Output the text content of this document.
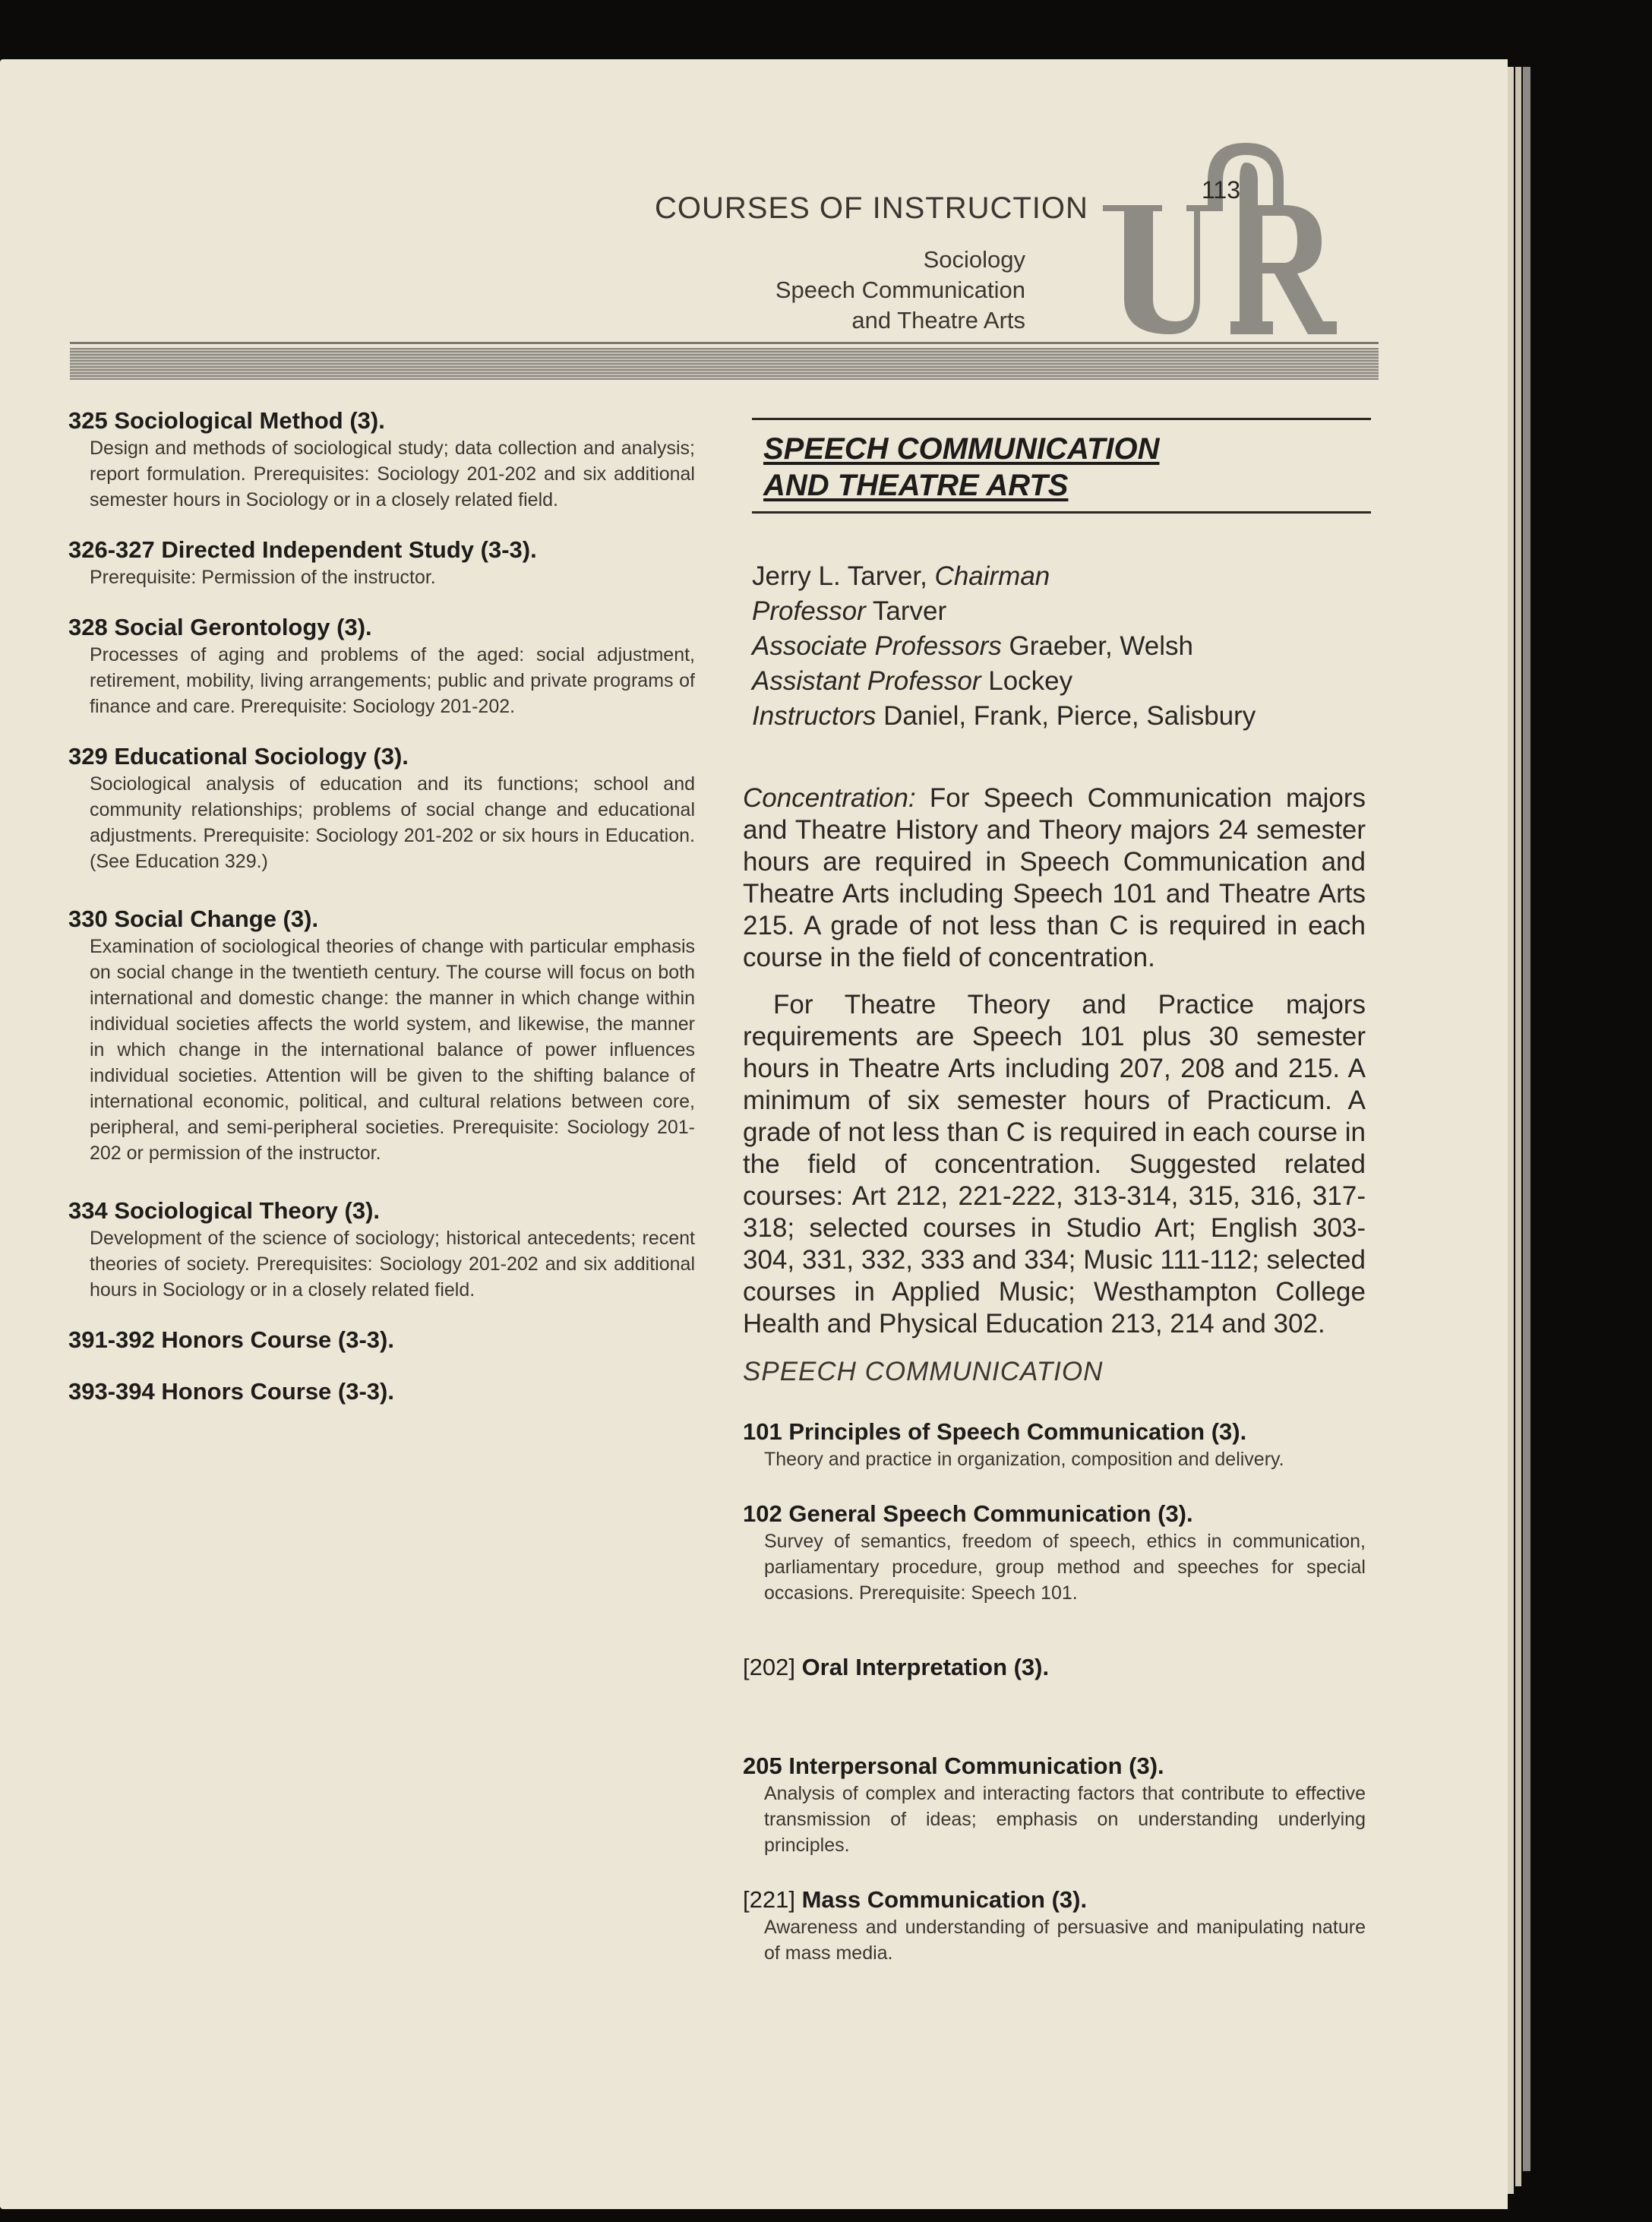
COURSES OF INSTRUCTION
Sociology
Speech Communication
and Theatre Arts
113

325 Sociological Method (3).

Design and methods of sociological study; data collection and analysis; report formulation. Prerequisites: Sociology 201-202 and six additional semester hours in Sociology or in a closely related field.

326-327 Directed Independent Study (3-3).

Prerequisite: Permission of the instructor.

328 Social Gerontology (3).

Processes of aging and problems of the aged: social adjustment, retirement, mobility, living arrangements; public and private programs of finance and care. Prerequisite: Sociology 201-202.

329 Educational Sociology (3).

Sociological analysis of education and its functions; school and community relationships; problems of social change and educational adjustments. Prerequisite: Sociology 201-202 or six hours in Education. (See Education 329.)

330 Social Change (3).

Examination of sociological theories of change with particular emphasis on social change in the twentieth century. The course will focus on both international and domestic change: the manner in which change within individual societies affects the world system, and likewise, the manner in which change in the international balance of power influences individual societies. Attention will be given to the shifting balance of international economic, political, and cultural relations between core, peripheral, and semi-peripheral societies. Prerequisite: Sociology 201-202 or permission of the instructor.

334 Sociological Theory (3).

Development of the science of sociology; historical antecedents; recent theories of society. Prerequisites: Sociology 201-202 and six additional hours in Sociology or in a closely related field.

391-392 Honors Course (3-3).

393-394 Honors Course (3-3).

SPEECH COMMUNICATION
AND THEATRE ARTS
Jerry L. Tarver, Chairman
Professor Tarver
Associate Professors Graeber, Welsh
Assistant Professor Lockey
Instructors Daniel, Frank, Pierce, Salisbury

Concentration: For Speech Communication majors and Theatre History and Theory majors 24 semester hours are required in Speech Communication and Theatre Arts including Speech 101 and Theatre Arts 215. A grade of not less than C is required in each course in the field of concentration.

For Theatre Theory and Practice majors requirements are Speech 101 plus 30 semester hours in Theatre Arts including 207, 208 and 215. A minimum of six semester hours of Practicum. A grade of not less than C is required in each course in the field of concentration. Suggested related courses: Art 212, 221-222, 313-314, 315, 316, 317-318; selected courses in Studio Art; English 303-304, 331, 332, 333 and 334; Music 111-112; selected courses in Applied Music; Westhampton College Health and Physical Education 213, 214 and 302.

SPEECH COMMUNICATION

101 Principles of Speech Communication (3).

Theory and practice in organization, composition and delivery.

102 General Speech Communication (3).

Survey of semantics, freedom of speech, ethics in communication, parliamentary procedure, group method and speeches for special occasions. Prerequisite: Speech 101.

[202] Oral Interpretation (3).

205 Interpersonal Communication (3).

Analysis of complex and interacting factors that contribute to effective transmission of ideas; emphasis on understanding underlying principles.

[221] Mass Communication (3).

Awareness and understanding of persuasive and manipulating nature of mass media.
